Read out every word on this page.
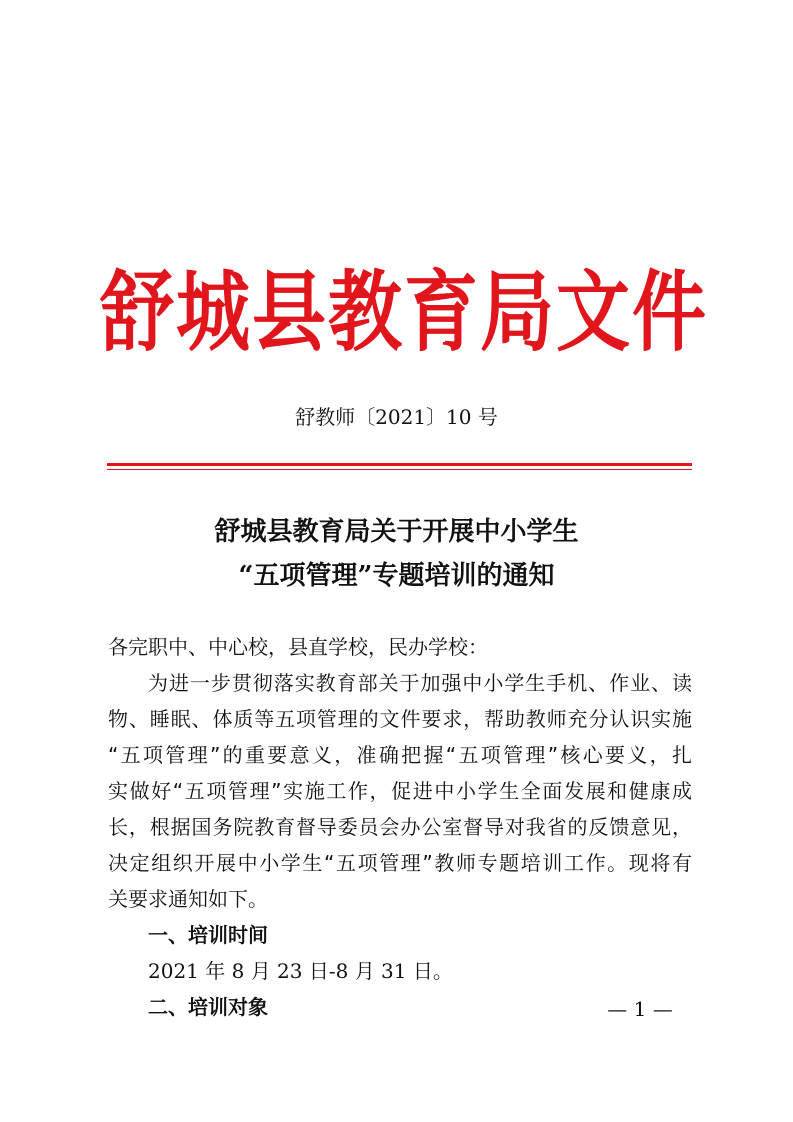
舒城县教育局文件
舒教师〔2021〕10 号
舒城县教育局关于开展中小学生
“五项管理”专题培训的通知
各完职中、中心校，县直学校，民办学校：
为进一步贯彻落实教育部关于加强中小学生手机、作业、读
物、睡眠、体质等五项管理的文件要求，帮助教师充分认识实施
“五项管理”的重要意义，准确把握“五项管理”核心要义，扎
实做好“五项管理”实施工作，促进中小学生全面发展和健康成
长，根据国务院教育督导委员会办公室督导对我省的反馈意见，
决定组织开展中小学生“五项管理”教师专题培训工作。现将有
关要求通知如下。
一、培训时间
2021 年 8 月 23 日-8 月 31 日。
二、培训对象	— 1 —
